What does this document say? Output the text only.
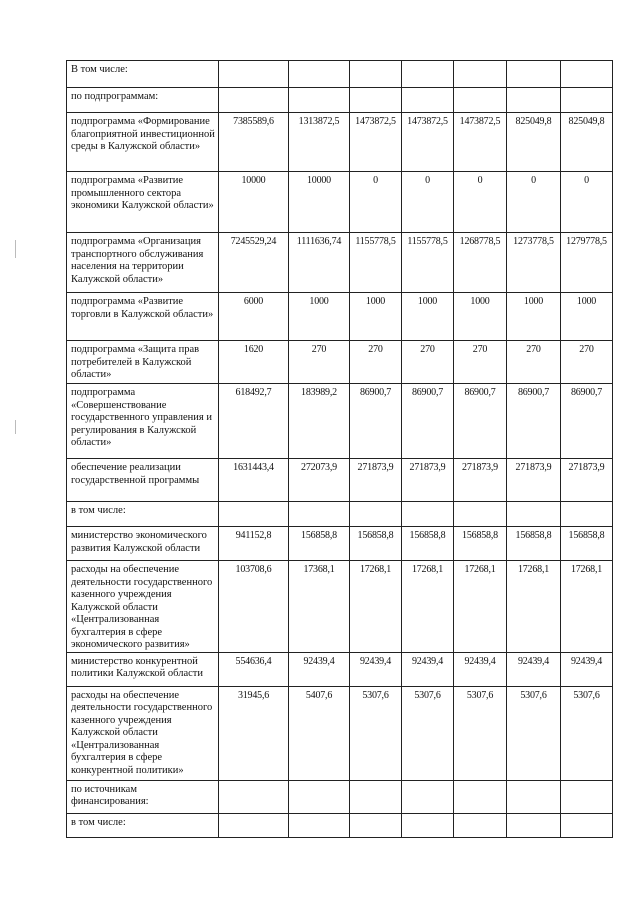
В том числе:							
по подпрограммам:							
подпрограмма «Формирование благоприятной инвестиционной среды в Калужской области»	7385589,6	1313872,5	1473872,5	1473872,5	1473872,5	825049,8	825049,8
подпрограмма «Развитие промышленного сектора экономики Калужской области»	10000	10000	0	0	0	0	0
подпрограмма «Организация транспортного обслуживания населения на территории Калужской области»	7245529,24	1111636,74	1155778,5	1155778,5	1268778,5	1273778,5	1279778,5
подпрограмма «Развитие торговли в Калужской области»	6000	1000	1000	1000	1000	1000	1000
подпрограмма «Защита прав потребителей в Калужской области»	1620	270	270	270	270	270	270
подпрограмма «Совершенствование государственного управления и регулирования в Калужской области»	618492,7	183989,2	86900,7	86900,7	86900,7	86900,7	86900,7
обеспечение реализации государственной программы	1631443,4	272073,9	271873,9	271873,9	271873,9	271873,9	271873,9
в том числе:							
министерство экономического развития Калужской области	941152,8	156858,8	156858,8	156858,8	156858,8	156858,8	156858,8
расходы на обеспечение деятельности государственного казенного учреждения Калужской области «Централизованная бухгалтерия в сфере экономического развития»	103708,6	17368,1	17268,1	17268,1	17268,1	17268,1	17268,1
министерство конкурентной политики Калужской области	554636,4	92439,4	92439,4	92439,4	92439,4	92439,4	92439,4
расходы на обеспечение деятельности государственного казенного учреждения Калужской области «Централизованная бухгалтерия в сфере конкурентной политики»	31945,6	5407,6	5307,6	5307,6	5307,6	5307,6	5307,6
по источникам финансирования:							
в том числе:							
